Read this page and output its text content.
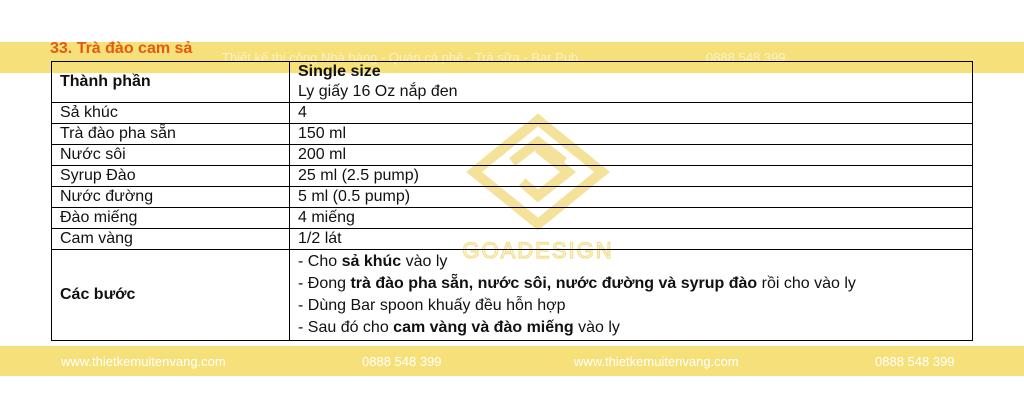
Thiết kế thi công Nhà hàng - Quán cà phê - Trà sữa - Bar Pub	0888 548 399
33. Trà đào cam sả
GOADESIGN
Thành phần	Single size
Ly giấy 16 Oz nắp đen

Sả khúc	4
Trà đào pha sẵn	150 ml
Nước sôi	200 ml
Syrup Đào	25 ml (2.5 pump)
Nước đường	5 ml (0.5 pump)
Đào miếng	4 miếng
Cam vàng	1/2 lát
Các bước	- Cho sả khúc vào ly
- Đong trà đào pha sẵn, nước sôi, nước đường và syrup đào rồi cho vào ly
- Dùng Bar spoon khuấy đều hỗn hợp
- Sau đó cho cam vàng và đào miếng vào ly
www.thietkemuitenvang.com	0888 548 399	www.thietkemuitenvang.com	0888 548 399
